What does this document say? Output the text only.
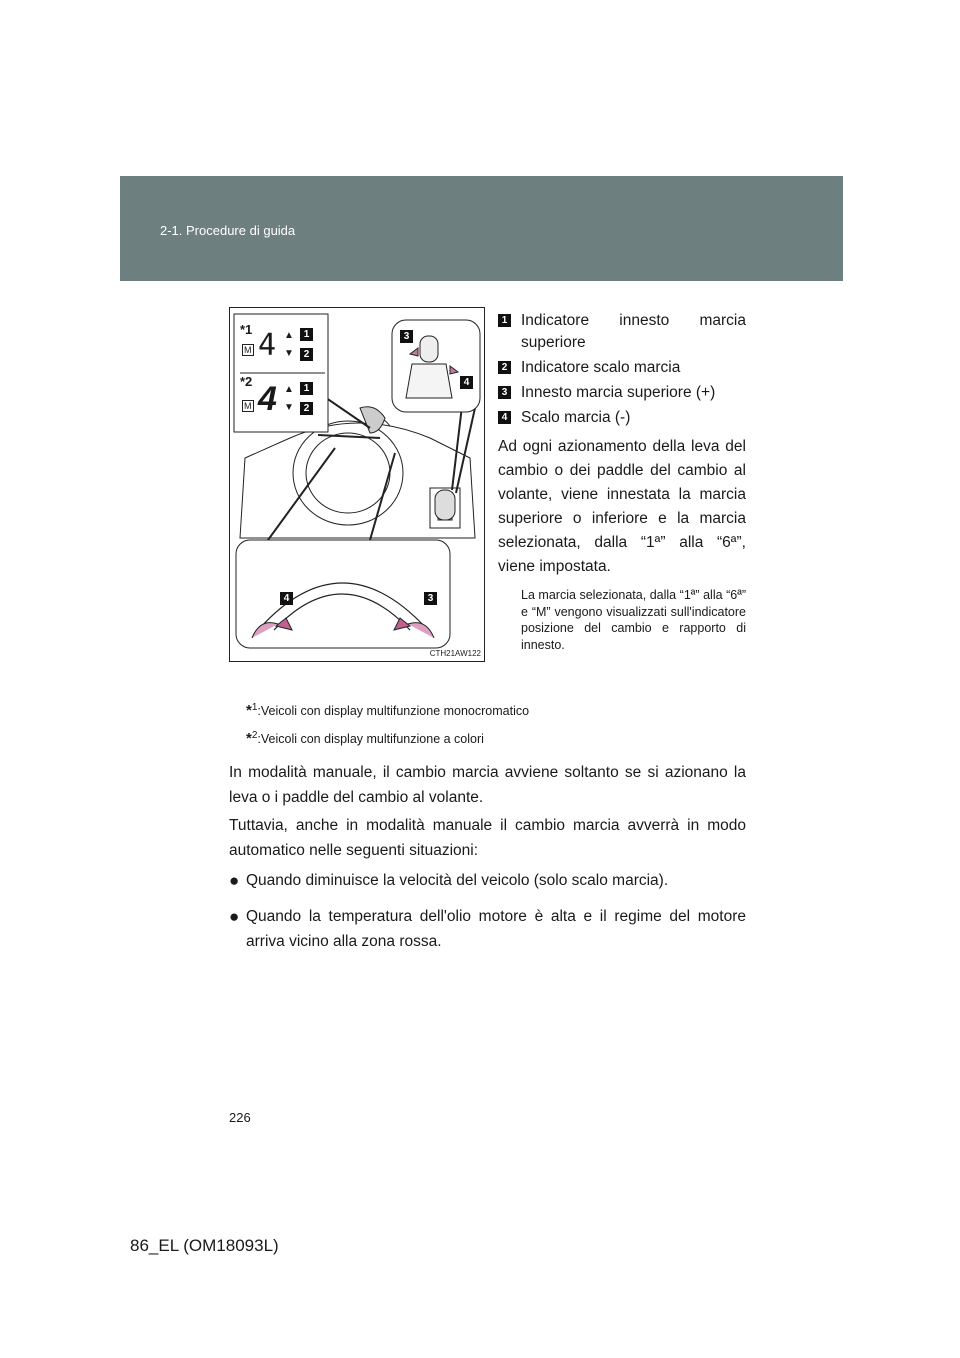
2-1. Procedure di guida
*1
M 4 ▲
▼
1
2
*2
M 4 ▲
▼
1
2
3
4
4	3
CTH21AW122
1 Indicatore innesto marcia superiore
2 Indicatore scalo marcia
3 Innesto marcia superiore (+)
4 Scalo marcia (-)
Ad ogni azionamento della leva del cambio o dei paddle del cambio al volante, viene innestata la marcia superiore o inferiore e la marcia selezionata, dalla “1ª” alla “6ª”, viene impostata.
La marcia selezionata, dalla “1ª” alla “6ª” e “M” vengono visualizzati sull'indicatore posizione del cambio e rapporto di innesto.
*$^1$:Veicoli con display multifunzione monocromatico
*$^2$:Veicoli con display multifunzione a colori
In modalità manuale, il cambio marcia avviene soltanto se si azionano la leva o i paddle del cambio al volante.
Tuttavia, anche in modalità manuale il cambio marcia avverrà in modo automatico nelle seguenti situazioni:
● Quando diminuisce la velocità del veicolo (solo scalo marcia).
● Quando la temperatura dell'olio motore è alta e il regime del motore arriva vicino alla zona rossa.
226
86_EL (OM18093L)
